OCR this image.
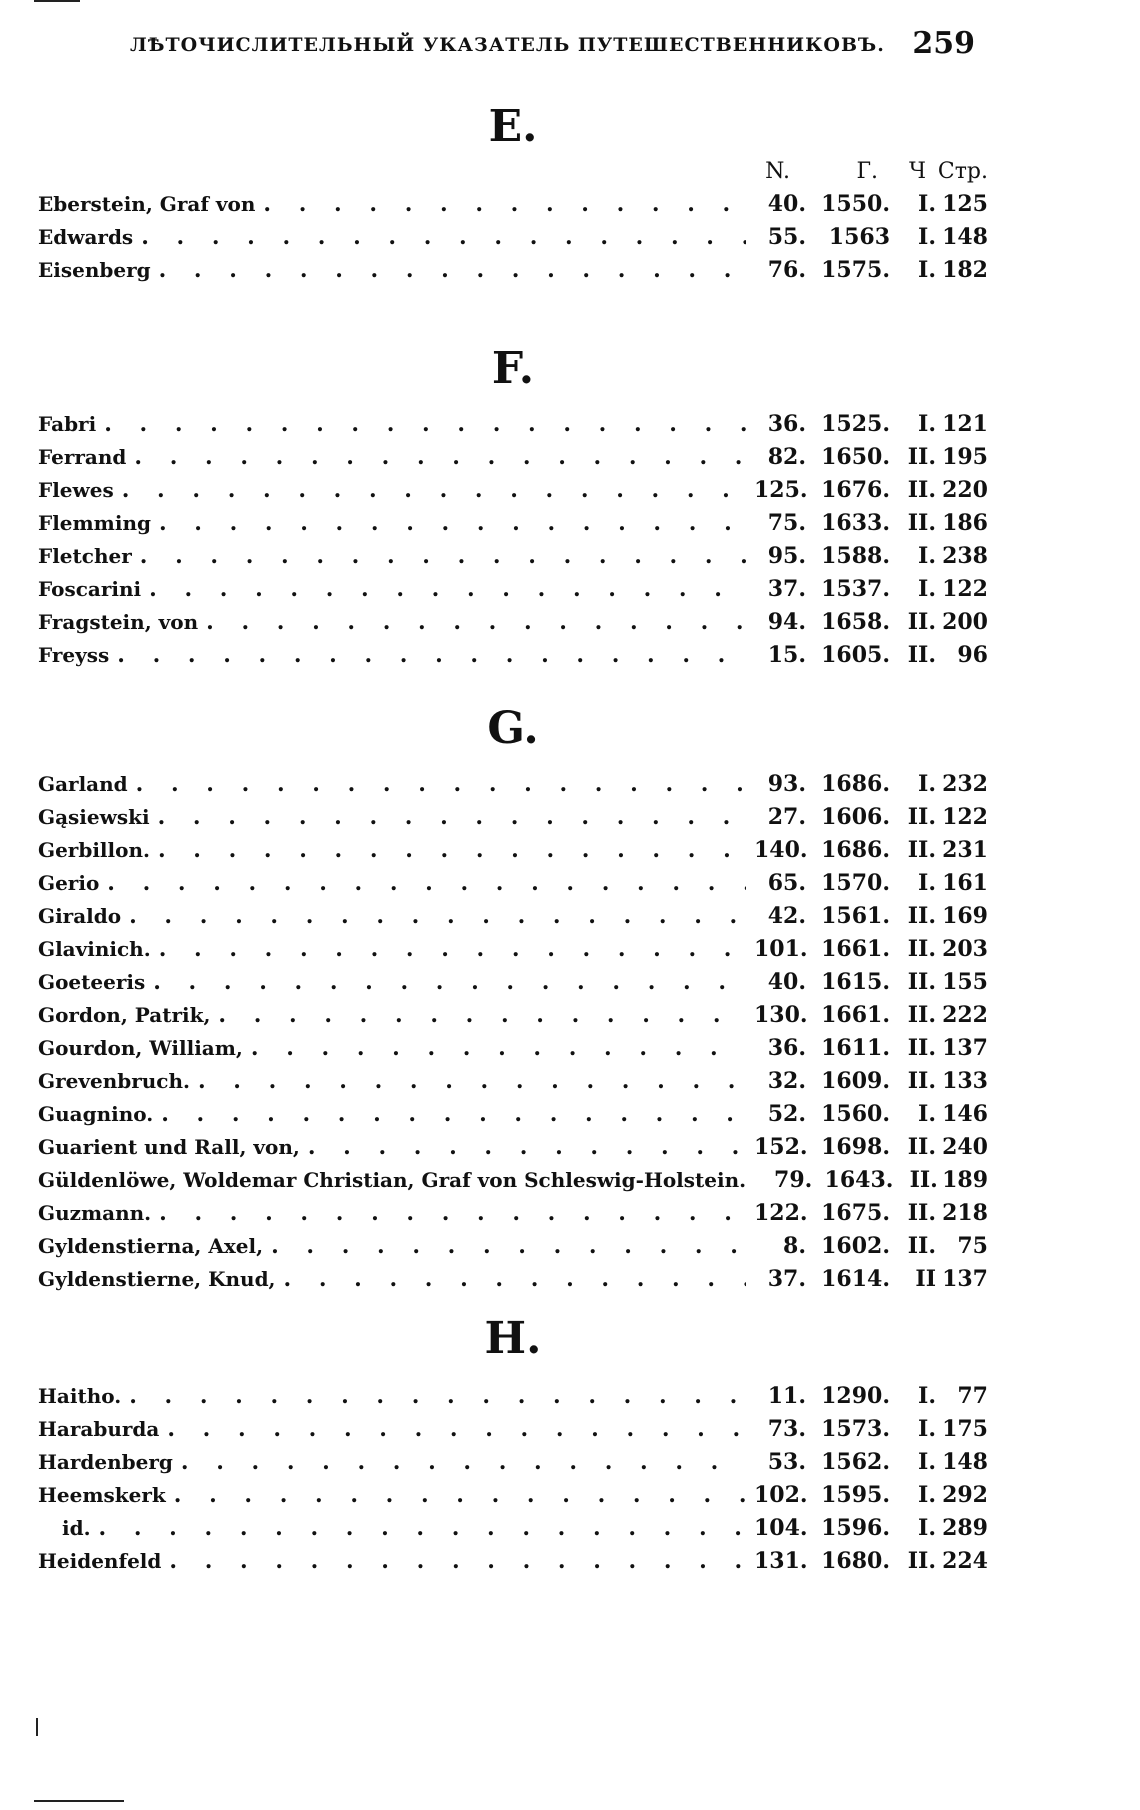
ЛѢТОЧИСЛИТЕЛЬНЫЙ УКАЗАТЕЛЬ ПУТЕШЕСТВЕННИКОВЪ. 259
E.
N.	Г.	Ч Стр.
Eberstein, Graf von . . .	40. 1550.	I. 125
Edwards . . .	55.	1563	I. 148
Eisenberg . . .	76. 1575.	I. 182
F.
Fabri . . .	36. 1525.	I. 121
Ferrand . . .	82. 1650. II. 195
Flewes . . .	125. 1676. II. 220
Flemming . . .	75. 1633. II. 186
Fletcher . . .	95. 1588.	I. 238
Foscarini . . .	37. 1537.	I. 122
Fragstein, von . . .	94. 1658. II. 200
Freyss . . .	15. 1605. II. 96
G.
Garland . . .	93. 1686.	I. 232
Gąsiewski . . .	27. 1606. II. 122
Gerbillon. . . .	140. 1686. II. 231
Gerio . . .	65. 1570.	I. 161
Giraldo . . .	42. 1561. II. 169
Glavinich. . . .	101. 1661. II. 203
Goeteeris . . .	40. 1615. II. 155
Gordon, Patrik, . . .	130. 1661. II. 222
Gourdon, William, . . .	36. 1611. II. 137
Grevenbruch. . . .	32. 1609. II. 133
Guagnino. . . .	52. 1560.	I. 146
Guarient und Rall, von, . . .	152. 1698. II. 240
Güldenlöwe, Woldemar Christian, Graf von Schleswig-Holstein.	79. 1643. II. 189
Guzmann. . . .	122. 1675. II. 218
Gyldenstierna, Axel, . . .	8. 1602. II. 75
Gyldenstierne, Knud, . . .	37. 1614.	II 137
H.
Haitho. . . .	11. 1290.	I. 77
Haraburda . . .	73. 1573.	I. 175
Hardenberg . . .	53. 1562.	I. 148
Heemskerk . . .	102. 1595.	I. 292
id. . . .	104. 1596.	I. 289
Heidenfeld . . .	131. 1680. II. 224
